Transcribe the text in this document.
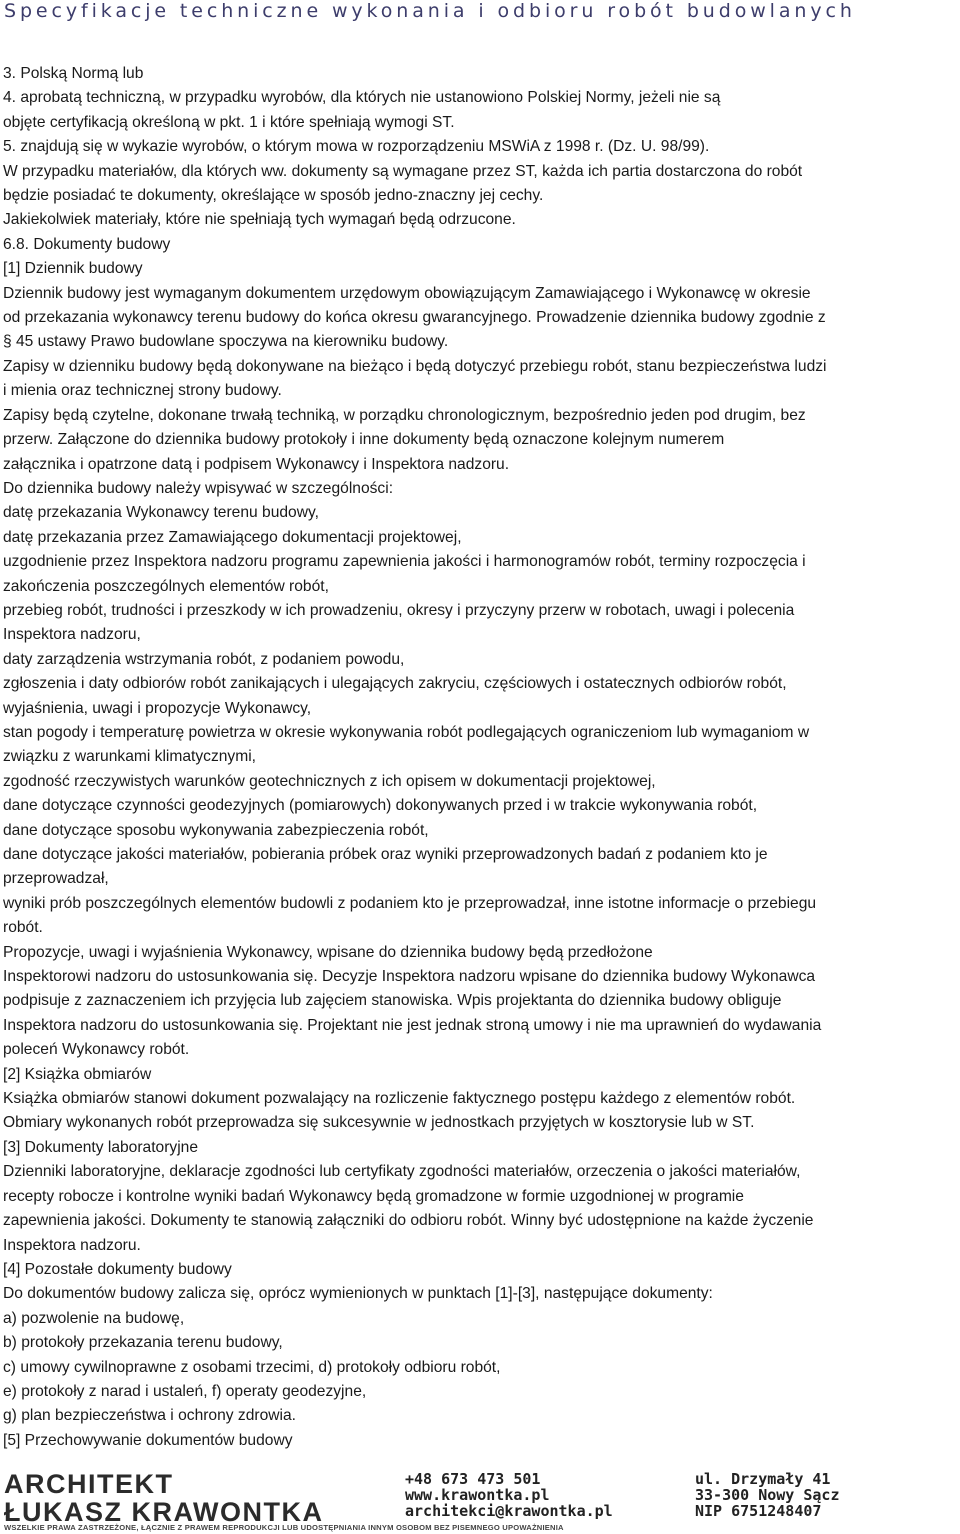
Specyfikacje techniczne wykonania i odbioru robót budowlanych

3. Polską Normą lub

4. aprobatą techniczną, w przypadku wyrobów, dla których nie ustanowiono Polskiej Normy, jeżeli nie są

objęte certyfikacją określoną w pkt. 1 i które spełniają wymogi ST.

5. znajdują się w wykazie wyrobów, o którym mowa w rozporządzeniu MSWiA z 1998 r. (Dz. U. 98/99).

W przypadku materiałów, dla których ww. dokumenty są wymagane przez ST, każda ich partia dostarczona do robót

będzie posiadać te dokumenty, określające w sposób jedno-znaczny jej cechy.

Jakiekolwiek materiały, które nie spełniają tych wymagań będą odrzucone.

6.8. Dokumenty budowy

[1] Dziennik budowy

Dziennik budowy jest wymaganym dokumentem urzędowym obowiązującym Zamawiającego i Wykonawcę w okresie

od przekazania wykonawcy terenu budowy do końca okresu gwarancyjnego. Prowadzenie dziennika budowy zgodnie z

§ 45 ustawy Prawo budowlane spoczywa na kierowniku budowy.

Zapisy w dzienniku budowy będą dokonywane na bieżąco i będą dotyczyć przebiegu robót, stanu bezpieczeństwa ludzi

i mienia oraz technicznej strony budowy.

Zapisy będą czytelne, dokonane trwałą techniką, w porządku chronologicznym, bezpośrednio jeden pod drugim, bez

przerw. Załączone do dziennika budowy protokoły i inne dokumenty będą oznaczone kolejnym numerem

załącznika i opatrzone datą i podpisem Wykonawcy i Inspektora nadzoru.

Do dziennika budowy należy wpisywać w szczególności:

datę przekazania Wykonawcy terenu budowy,

datę przekazania przez Zamawiającego dokumentacji projektowej,

uzgodnienie przez Inspektora nadzoru programu zapewnienia jakości i harmonogramów robót, terminy rozpoczęcia i

zakończenia poszczególnych elementów robót,

przebieg robót, trudności i przeszkody w ich prowadzeniu, okresy i przyczyny przerw w robotach, uwagi i polecenia

Inspektora nadzoru,

daty zarządzenia wstrzymania robót, z podaniem powodu,

zgłoszenia i daty odbiorów robót zanikających i ulegających zakryciu, częściowych i ostatecznych odbiorów robót,

wyjaśnienia, uwagi i propozycje Wykonawcy,

stan pogody i temperaturę powietrza w okresie wykonywania robót podlegających ograniczeniom lub wymaganiom w

związku z warunkami klimatycznymi,

zgodność rzeczywistych warunków geotechnicznych z ich opisem w dokumentacji projektowej,

dane dotyczące czynności geodezyjnych (pomiarowych) dokonywanych przed i w trakcie wykonywania robót,

dane dotyczące sposobu wykonywania zabezpieczenia robót,

dane dotyczące jakości materiałów, pobierania próbek oraz wyniki przeprowadzonych badań z podaniem kto je

przeprowadzał,

wyniki prób poszczególnych elementów budowli z podaniem kto je przeprowadzał, inne istotne informacje o przebiegu

robót.

Propozycje, uwagi i wyjaśnienia Wykonawcy, wpisane do dziennika budowy będą przedłożone

Inspektorowi nadzoru do ustosunkowania się. Decyzje Inspektora nadzoru wpisane do dziennika budowy Wykonawca

podpisuje z zaznaczeniem ich przyjęcia lub zajęciem stanowiska. Wpis projektanta do dziennika budowy obliguje

Inspektora nadzoru do ustosunkowania się. Projektant nie jest jednak stroną umowy i nie ma uprawnień do wydawania

poleceń Wykonawcy robót.

[2] Książka obmiarów

Książka obmiarów stanowi dokument pozwalający na rozliczenie faktycznego postępu każdego z elementów robót.

Obmiary wykonanych robót przeprowadza się sukcesywnie w jednostkach przyjętych w kosztorysie lub w ST.

[3] Dokumenty laboratoryjne

Dzienniki laboratoryjne, deklaracje zgodności lub certyfikaty zgodności materiałów, orzeczenia o jakości materiałów,

recepty robocze i kontrolne wyniki badań Wykonawcy będą gromadzone w formie uzgodnionej w programie

zapewnienia jakości. Dokumenty te stanowią załączniki do odbioru robót. Winny być udostępnione na każde życzenie

Inspektora nadzoru.

[4] Pozostałe dokumenty budowy

Do dokumentów budowy zalicza się, oprócz wymienionych w punktach [1]-[3], następujące dokumenty:

a) pozwolenie na budowę,

b) protokoły przekazania terenu budowy,

c) umowy cywilnoprawne z osobami trzecimi, d) protokoły odbioru robót,

e) protokoły z narad i ustaleń, f) operaty geodezyjne,

g) plan bezpieczeństwa i ochrony zdrowia.

[5] Przechowywanie dokumentów budowy

ARCHITEKT
ŁUKASZ KRAWONTKA
+48 673 473 501
www.krawontka.pl
architekci@krawontka.pl
ul. Drzymały 41
33-300 Nowy Sącz
NIP 6751248407
WSZELKIE PRAWA ZASTRZEŻONE, ŁĄCZNIE Z PRAWEM REPRODUKCJI LUB UDOSTĘPNIANIA INNYM OSOBOM BEZ PISEMNEGO UPOWAŻNIENIA
